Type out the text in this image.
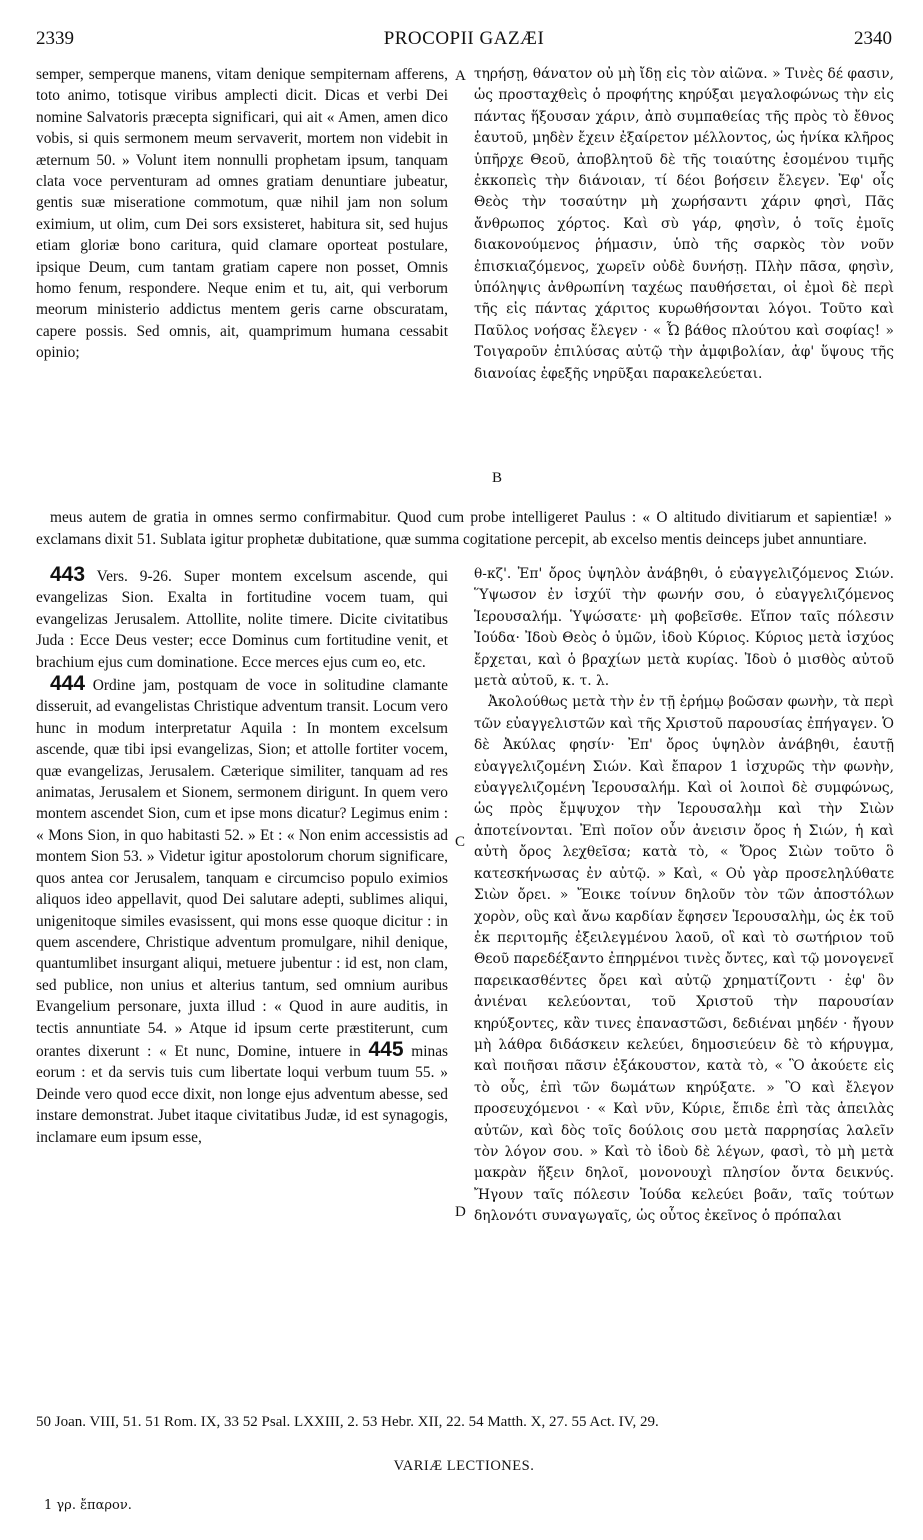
2339	PROCOPII GAZÆI	2340

semper, semperque manens, vitam denique sempiternam afferens, toto animo, totisque viribus amplecti dicit. Dicas et verbi Dei nomine Salvatoris præcepta significari, qui ait « Amen, amen dico vobis, si quis sermonem meum servaverit, mortem non videbit in æternum 50. » Volunt item nonnulli prophetam ipsum, tanquam clata voce perventuram ad omnes gratiam denuntiare jubeatur, gentis suæ miseratione commotum, quæ nihil jam non solum eximium, ut olim, cum Dei sors exsisteret, habitura sit, sed hujus etiam gloriæ bono caritura, quid clamare oporteat postulare, ipsique Deum, cum tantam gratiam capere non posset, Omnis homo fenum, respondere. Neque enim et tu, ait, qui verborum meorum ministerio addictus mentem geris carne obscuratam, capere possis. Sed omnis, ait, quamprimum humana cessabit opinio;

A τηρήσῃ, θάνατον οὐ μὴ ἴδῃ εἰς τὸν αἰῶνα. » Τινὲς δέ φασιν, ὡς προσταχθεὶς ὁ προφήτης κηρύξαι μεγαλοφώνως τὴν εἰς πάντας ἥξουσαν χάριν, ἀπὸ συμπαθείας τῆς πρὸς τὸ ἔθνος ἑαυτοῦ, μηδὲν ἔχειν ἐξαίρετον μέλλοντος, ὡς ἡνίκα κλῆρος ὑπῆρχε Θεοῦ, ἀποβλητοῦ δὲ τῆς τοιαύτης ἐσομένου τιμῆς ἐκκοπεὶς τὴν διάνοιαν, τί δέοι βοήσειν ἔλεγεν. Ἐφ' οἷς Θεὸς τὴν τοσαύτην μὴ χωρήσαντι χάριν φησὶ, Πᾶς ἄνθρωπος χόρτος. Καὶ σὺ γάρ, φησὶν, ὁ τοῖς ἐμοῖς διακονούμενος ῥήμασιν, ὑπὸ τῆς σαρκὸς τὸν νοῦν ἐπισκιαζόμενος, χωρεῖν οὐδὲ δυνήσῃ. Πλὴν πᾶσα, φησὶν, ὑπόληψις ἀνθρωπίνη ταχέως παυθήσεται, οἱ ἐμοὶ δὲ περὶ τῆς εἰς πάντας χάριτος κυρωθήσονται λόγοι. Τοῦτο καὶ Παῦλος νοήσας ἔλεγεν · « Ὦ βάθος πλούτου καὶ σοφίας! » Τοιγαροῦν ἐπιλύσας αὐτῷ τὴν ἀμφιβολίαν, ἀφ' ὕψους τῆς διανοίας ἐφεξῆς νηρῦξαι παρακελεύεται.

B

meus autem de gratia in omnes sermo confirmabitur. Quod cum probe intelligeret Paulus : « O altitudo divitiarum et sapientiæ! » exclamans dixit 51. Sublata igitur prophetæ dubitatione, quæ summa cogitatione percepit, ab excelso mentis deinceps jubet annuntiare.

443 Vers. 9-26. Super montem excelsum ascende, qui evangelizas Sion. Exalta in fortitudine vocem tuam, qui evangelizas Jerusalem. Attollite, nolite timere. Dicite civitatibus Juda : Ecce Deus vester; ecce Dominus cum fortitudine venit, et brachium ejus cum dominatione. Ecce merces ejus cum eo, etc.

444 Ordine jam, postquam de voce in solitudine clamante disseruit, ad evangelistas Christique adventum transit. Locum vero hunc in modum interpretatur Aquila : In montem excelsum ascende, quæ tibi ipsi evangelizas, Sion; et attolle fortiter vocem, quæ evangelizas, Jerusalem. Cæterique similiter, tanquam ad res animatas, Jerusalem et Sionem, sermonem dirigunt. In quem vero montem ascendet Sion, cum et ipse mons dicatur? Legimus enim : « Mons Sion, in quo habitasti 52. » Et : « Non enim accessistis ad montem Sion 53. » Videtur igitur apostolorum chorum significare, quos antea cor Jerusalem, tanquam e circumciso populo eximios aliquos ideo appellavit, quod Dei salutare adepti, sublimes aliqui, unigenitoque similes evasissent, qui mons esse quoque dicitur : in quem ascendere, Christique adventum promulgare, nihil denique, quantumlibet insurgant aliqui, metuere jubentur : id est, non clam, sed publice, non unius et alterius tantum, sed omnium auribus Evangelium personare, juxta illud : « Quod in aure auditis, in tectis annuntiate 54. » Atque id ipsum certe præstiterunt, cum orantes dixerunt : « Et nunc, Domine, intuere in 445 minas eorum : et da servis tuis cum libertate loqui verbum tuum 55. » Deinde vero quod ecce dixit, non longe ejus adventum abesse, sed instare demonstrat. Jubet itaque civitatibus Judæ, id est synagogis, inclamare eum ipsum esse,

C
D

θ-κζ'. Ἐπ' ὄρος ὑψηλὸν ἀνάβηθι, ὁ εὐαγγελιζόμενος Σιών. Ὕψωσον ἐν ἰσχύϊ τὴν φωνήν σου, ὁ εὐαγγελιζόμενος Ἱερουσαλήμ. Ὑψώσατε· μὴ φοβεῖσθε. Εἴπον ταῖς πόλεσιν Ἰούδα· Ἰδοὺ Θεὸς ὁ ὑμῶν, ἰδοὺ Κύριος. Κύριος μετὰ ἰσχύος ἔρχεται, καὶ ὁ βραχίων μετὰ κυρίας. Ἰδοὺ ὁ μισθὸς αὐτοῦ μετὰ αὐτοῦ, κ. τ. λ.

Ἀκολούθως μετὰ τὴν ἐν τῇ ἐρήμῳ βοῶσαν φωνὴν, τὰ περὶ τῶν εὐαγγελιστῶν καὶ τῆς Χριστοῦ παρουσίας ἐπήγαγεν. Ὁ δὲ Ἀκύλας φησίν· Ἐπ' ὄρος ὑψηλὸν ἀνάβηθι, ἑαυτῇ εὐαγγελιζομένη Σιών. Καὶ ἔπαρον 1 ἰσχυρῶς τὴν φωνὴν, εὐαγγελιζομένη Ἱερουσαλήμ. Καὶ οἱ λοιποὶ δὲ συμφώνως, ὡς πρὸς ἔμψυχον τὴν Ἱερουσαλὴμ καὶ τὴν Σιὼν ἀποτείνονται. Ἐπὶ ποῖον οὖν ἀνεισιν ὄρος ἡ Σιών, ἡ καὶ αὐτὴ ὄρος λεχθεῖσα; κατὰ τὸ, « Ὄρος Σιὼν τοῦτο ὃ κατεσκήνωσας ἐν αὐτῷ. » Καὶ, « Οὐ γὰρ προσεληλύθατε Σιὼν ὄρει. » Ἔοικε τοίνυν δηλοῦν τὸν τῶν ἀποστόλων χορὸν, οὓς καὶ ἄνω καρδίαν ἔφησεν Ἱερουσαλὴμ, ὡς ἐκ τοῦ ἐκ περιτομῆς ἐξειλεγμένου λαοῦ, οἳ καὶ τὸ σωτήριον τοῦ Θεοῦ παρεδέξαντο ἐπηρμένοι τινὲς ὄντες, καὶ τῷ μονογενεῖ παρεικασθέντες ὄρει καὶ αὐτῷ χρηματίζοντι · ἐφ' ὃν ἀνιέναι κελεύονται, τοῦ Χριστοῦ τὴν παρουσίαν κηρύξοντες, κἂν τινες ἐπαναστῶσι, δεδιέναι μηδέν · ἤγουν μὴ λάθρα διδάσκειν κελεύει, δημοσιεύειν δὲ τὸ κήρυγμα, καὶ ποιῆσαι πᾶσιν ἐξάκουστον, κατὰ τὸ, « Ὃ ἀκούετε εἰς τὸ οὖς, ἐπὶ τῶν δωμάτων κηρύξατε. » Ὃ καὶ ἔλεγον προσευχόμενοι · « Καὶ νῦν, Κύριε, ἔπιδε ἐπὶ τὰς ἀπειλὰς αὐτῶν, καὶ δὸς τοῖς δούλοις σου μετὰ παρρησίας λαλεῖν τὸν λόγον σου. » Καὶ τὸ ἰδοὺ δὲ λέγων, φασὶ, τὸ μὴ μετὰ μακρὰν ἥξειν δηλοῖ, μονονουχὶ πλησίον ὄντα δεικνύς. Ἤγουν ταῖς πόλεσιν Ἰούδα κελεύει βοᾶν, ταῖς τούτων δηλονότι συναγωγαῖς, ὡς οὗτος ἐκεῖνος ὁ πρόπαλαι

50 Joan. VIII, 51. 51 Rom. IX, 33 52 Psal. LXXIII, 2. 53 Hebr. XII, 22. 54 Matth. X, 27. 55 Act. IV, 29.
VARIÆ LECTIONES.
1 γρ. ἔπαρον.
